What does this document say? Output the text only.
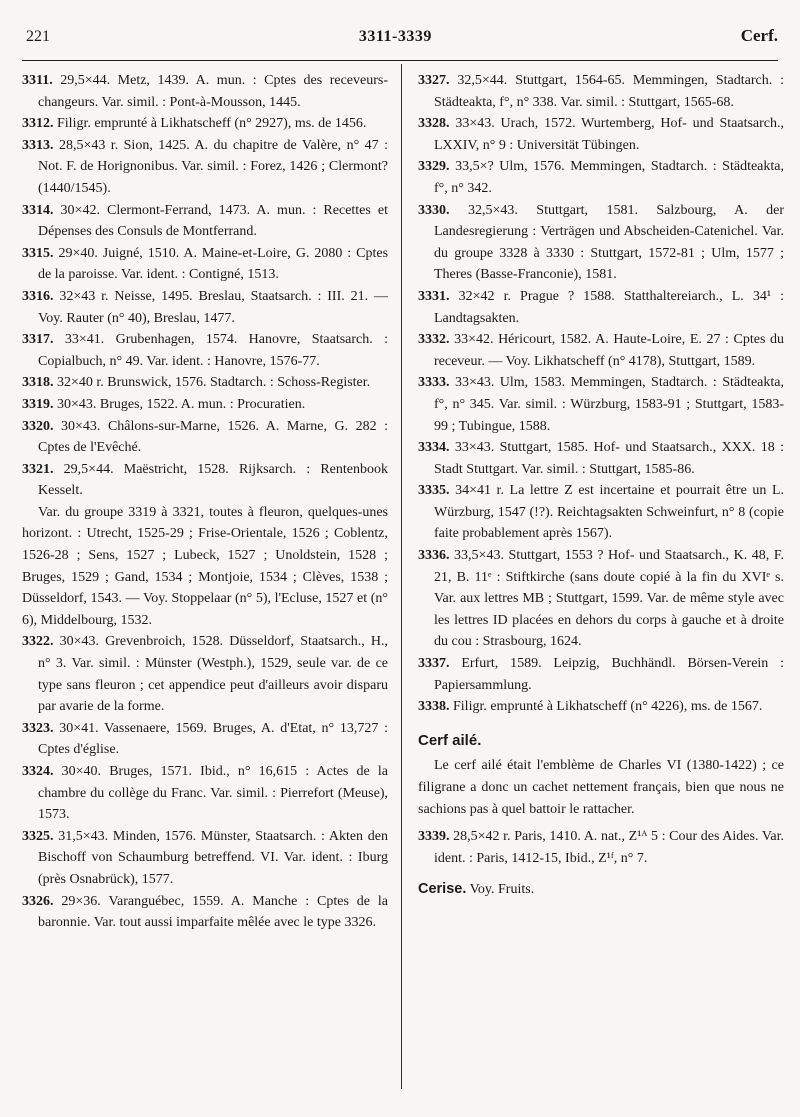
221	3311-3339	Cerf.
3311. 29,5×44. Metz, 1439. A. mun. : Cptes des receveurs-changeurs. Var. simil. : Pont-à-Mousson, 1445.
3312. Filigr. emprunté à Likhatscheff (n° 2927), ms. de 1456.
3313. 28,5×43 r. Sion, 1425. A. du chapitre de Valère, n° 47 : Not. F. de Horignonibus. Var. simil. : Forez, 1426 ; Clermont? (1440/1545).
3314. 30×42. Clermont-Ferrand, 1473. A. mun. : Recettes et Dépenses des Consuls de Montferrand.
3315. 29×40. Juigné, 1510. A. Maine-et-Loire, G. 2080 : Cptes de la paroisse. Var. ident. : Contigné, 1513.
3316. 32×43 r. Neisse, 1495. Breslau, Staatsarch. : III. 21. — Voy. Rauter (n° 40), Breslau, 1477.
3317. 33×41. Grubenhagen, 1574. Hanovre, Staatsarch. : Copialbuch, n° 49. Var. ident. : Hanovre, 1576-77.
3318. 32×40 r. Brunswick, 1576. Stadtarch. : Schoss-Register.
3319. 30×43. Bruges, 1522. A. mun. : Procuratien.
3320. 30×43. Châlons-sur-Marne, 1526. A. Marne, G. 282 : Cptes de l'Evêché.
3321. 29,5×44. Maëstricht, 1528. Rijksarch. : Rentenbook Kesselt.
Var. du groupe 3319 à 3321, toutes à fleuron, quelques-unes horizont. : Utrecht, 1525-29 ; Frise-Orientale, 1526 ; Coblentz, 1526-28 ; Sens, 1527 ; Lubeck, 1527 ; Unoldstein, 1528 ; Bruges, 1529 ; Gand, 1534 ; Montjoie, 1534 ; Clèves, 1538 ; Düsseldorf, 1543. — Voy. Stoppelaar (n° 5), l'Ecluse, 1527 et (n° 6), Middelbourg, 1532.
3322. 30×43. Grevenbroich, 1528. Düsseldorf, Staatsarch., H., n° 3. Var. simil. : Münster (Westph.), 1529, seule var. de ce type sans fleuron ; cet appendice peut d'ailleurs avoir disparu par avarie de la forme.
3323. 30×41. Vassenaere, 1569. Bruges, A. d'Etat, n° 13,727 : Cptes d'église.
3324. 30×40. Bruges, 1571. Ibid., n° 16,615 : Actes de la chambre du collège du Franc. Var. simil. : Pierrefort (Meuse), 1573.
3325. 31,5×43. Minden, 1576. Münster, Staatsarch. : Akten den Bischoff von Schaumburg betreffend. VI. Var. ident. : Iburg (près Osnabrück), 1577.
3326. 29×36. Varanguébec, 1559. A. Manche : Cptes de la baronnie. Var. tout aussi imparfaite mêlée avec le type 3326.
3327. 32,5×44. Stuttgart, 1564-65. Memmingen, Stadtarch. : Städteakta, f°, n° 338. Var. simil. : Stuttgart, 1565-68.
3328. 33×43. Urach, 1572. Wurtemberg, Hof- und Staatsarch., LXXIV, n° 9 : Universität Tübingen.
3329. 33,5×? Ulm, 1576. Memmingen, Stadtarch. : Städteakta, f°, n° 342.
3330. 32,5×43. Stuttgart, 1581. Salzbourg, A. der Landesregierung : Verträgen und Abscheiden-Catenichel. Var. du groupe 3328 à 3330 : Stuttgart, 1572-81 ; Ulm, 1577 ; Theres (Basse-Franconie), 1581.
3331. 32×42 r. Prague ? 1588. Statthaltereiarch., L. 34¹ : Landtagsakten.
3332. 33×42. Héricourt, 1582. A. Haute-Loire, E. 27 : Cptes du receveur. — Voy. Likhatscheff (n° 4178), Stuttgart, 1589.
3333. 33×43. Ulm, 1583. Memmingen, Stadtarch. : Städteakta, f°, n° 345. Var. simil. : Würzburg, 1583-91 ; Stuttgart, 1583-99 ; Tubingue, 1588.
3334. 33×43. Stuttgart, 1585. Hof- und Staatsarch., XXX. 18 : Stadt Stuttgart. Var. simil. : Stuttgart, 1585-86.
3335. 34×41 r. La lettre Z est incertaine et pourrait être un L. Würzburg, 1547 (!?). Reichtagsakten Schweinfurt, n° 8 (copie faite probablement après 1567).
3336. 33,5×43. Stuttgart, 1553 ? Hof- und Staatsarch., K. 48, F. 21, B. 11ᵉ : Stiftkirche (sans doute copié à la fin du XVIᵉ s. Var. aux lettres MB ; Stuttgart, 1599. Var. de même style avec les lettres ID placées en dehors du corps à gauche et à droite du cou : Strasbourg, 1624.
3337. Erfurt, 1589. Leipzig, Buchhändl. Börsen-Verein : Papiersammlung.
3338. Filigr. emprunté à Likhatscheff (n° 4226), ms. de 1567.
Cerf ailé.
Le cerf ailé était l'emblème de Charles VI (1380-1422) ; ce filigrane a donc un cachet nettement français, bien que nous ne sachions pas à quel battoir le rattacher.
3339. 28,5×42 r. Paris, 1410. A. nat., Z¹ᴬ 5 : Cour des Aides. Var. ident. : Paris, 1412-15, Ibid., Z¹ᶠ, n° 7.
Cerise. Voy. Fruits.
